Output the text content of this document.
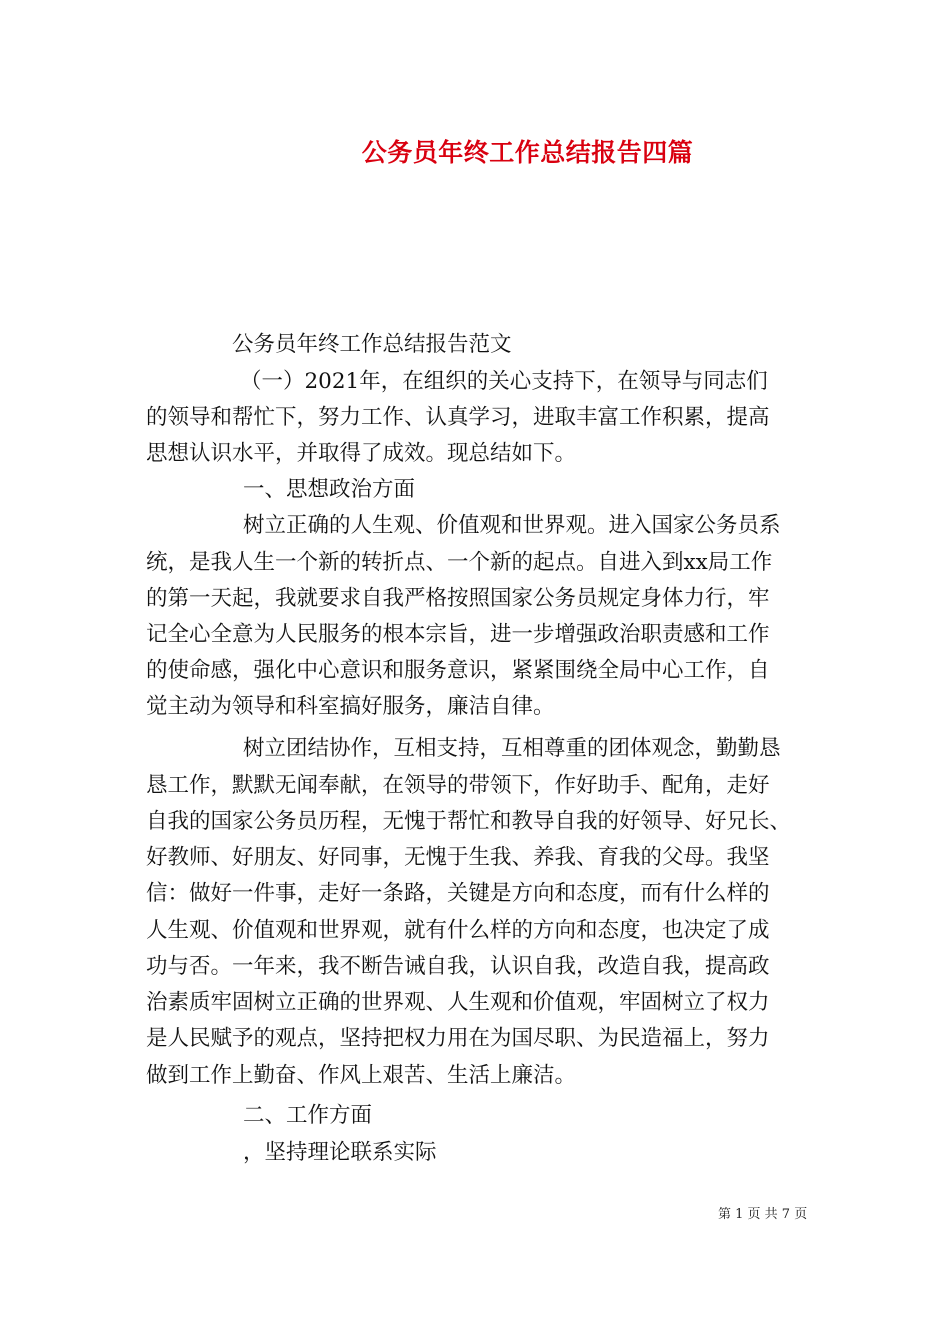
公务员年终工作总结报告四篇
公务员年终工作总结报告范文
（一）2021年，在组织的关心支持下，在领导与同志们
的领导和帮忙下，努力工作、认真学习，进取丰富工作积累，提高
思想认识水平，并取得了成效。现总结如下。
一、思想政治方面
树立正确的人生观、价值观和世界观。进入国家公务员系
统，是我人生一个新的转折点、一个新的起点。自进入到xx局工作
的第一天起，我就要求自我严格按照国家公务员规定身体力行，牢
记全心全意为人民服务的根本宗旨，进一步增强政治职责感和工作
的使命感，强化中心意识和服务意识，紧紧围绕全局中心工作，自
觉主动为领导和科室搞好服务，廉洁自律。
树立团结协作，互相支持，互相尊重的团体观念，勤勤恳
恳工作，默默无闻奉献，在领导的带领下，作好助手、配角，走好
自我的国家公务员历程，无愧于帮忙和教导自我的好领导、好兄长、
好教师、好朋友、好同事，无愧于生我、养我、育我的父母。我坚
信：做好一件事，走好一条路，关键是方向和态度，而有什么样的
人生观、价值观和世界观，就有什么样的方向和态度，也决定了成
功与否。一年来，我不断告诫自我，认识自我，改造自我，提高政
治素质牢固树立正确的世界观、人生观和价值观，牢固树立了权力
是人民赋予的观点，坚持把权力用在为国尽职、为民造福上，努力
做到工作上勤奋、作风上艰苦、生活上廉洁。
二、工作方面
，坚持理论联系实际
第 1 页 共 7 页
